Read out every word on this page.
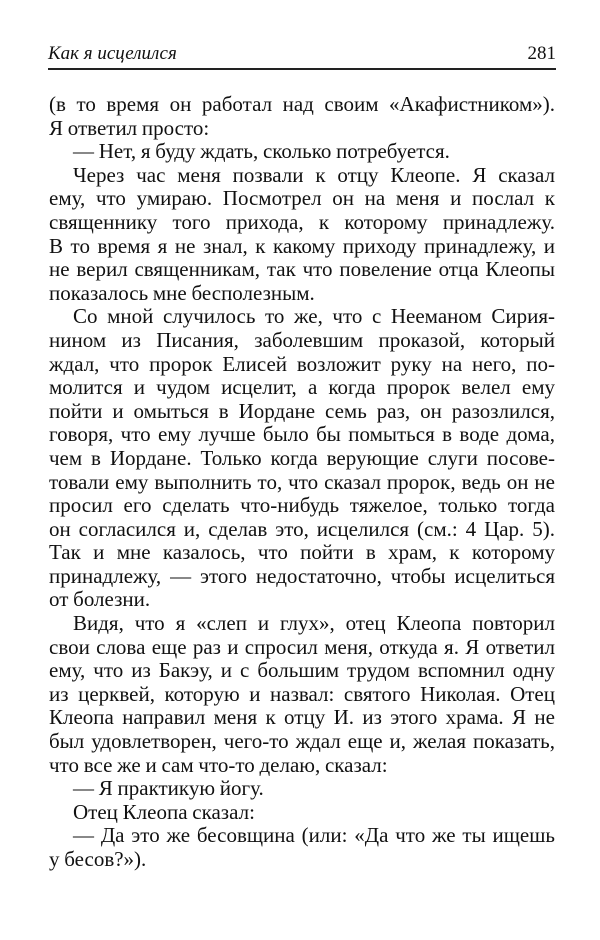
Как я исцелился	281
(в то время он работал над своим «Акафистником»).
Я ответил просто:
— Нет, я буду ждать, сколько потребуется.
Через час меня позвали к отцу Клеопе. Я сказал
ему, что умираю. Посмотрел он на меня и послал к
священнику того прихода, к которому принадлежу.
В то время я не знал, к какому приходу принадлежу, и
не верил священникам, так что повеление отца Клеопы
показалось мне бесполезным.
Со мной случилось то же, что с Нееманом Сирия-
нином из Писания, заболевшим проказой, который
ждал, что пророк Елисей возложит руку на него, по-
молится и чудом исцелит, а когда пророк велел ему
пойти и омыться в Иордане семь раз, он разозлился,
говоря, что ему лучше было бы помыться в воде дома,
чем в Иордане. Только когда верующие слуги посове-
товали ему выполнить то, что сказал пророк, ведь он не
просил его сделать что-нибудь тяжелое, только тогда
он согласился и, сделав это, исцелился (см.: 4 Цар. 5).
Так и мне казалось, что пойти в храм, к которому
принадлежу, — этого недостаточно, чтобы исцелиться
от болезни.
Видя, что я «слеп и глух», отец Клеопа повторил
свои слова еще раз и спросил меня, откуда я. Я ответил
ему, что из Бакэу, и с большим трудом вспомнил одну
из церквей, которую и назвал: святого Николая. Отец
Клеопа направил меня к отцу И. из этого храма. Я не
был удовлетворен, чего-то ждал еще и, желая показать,
что все же и сам что-то делаю, сказал:
— Я практикую йогу.
Отец Клеопа сказал:
— Да это же бесовщина (или: «Да что же ты ищешь
у бесов?»).
